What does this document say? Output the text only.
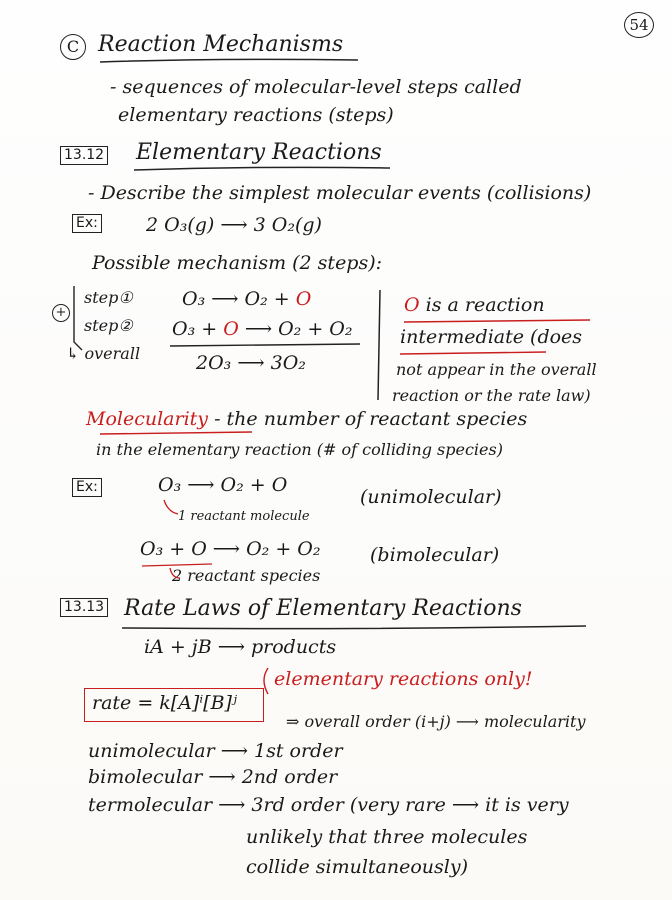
54
C Reaction Mechanisms
- sequences of molecular-level steps called
elementary reactions (steps)
13.12 Elementary Reactions
- Describe the simplest molecular events (collisions)
Ex:	2 O₃(g) ⟶ 3 O₂(g)
Possible mechanism (2 steps):
+
step①	O₃ ⟶ O₂ + O
step② O₃ + O ⟶ O₂ + O₂
↳ overall	2O₃ ⟶ 3O₂
O is a reaction
intermediate (does
not appear in the overall
reaction or the rate law)
Molecularity - the number of reactant species
in the elementary reaction (# of colliding species)
Ex:	O₃ ⟶ O₂ + O
1 reactant molecule
(unimolecular)
O₃ + O ⟶ O₂ + O₂
2 reactant species
(bimolecular)
13.13 Rate Laws of Elementary Reactions
iA + jB ⟶ products
elementary reactions only!
rate = k[A]ⁱ[B]ʲ
⇒ overall order (i+j) ⟶ molecularity
unimolecular ⟶ 1st order
bimolecular ⟶ 2nd order
termolecular ⟶ 3rd order (very rare ⟶ it is very
unlikely that three molecules
collide simultaneously)
